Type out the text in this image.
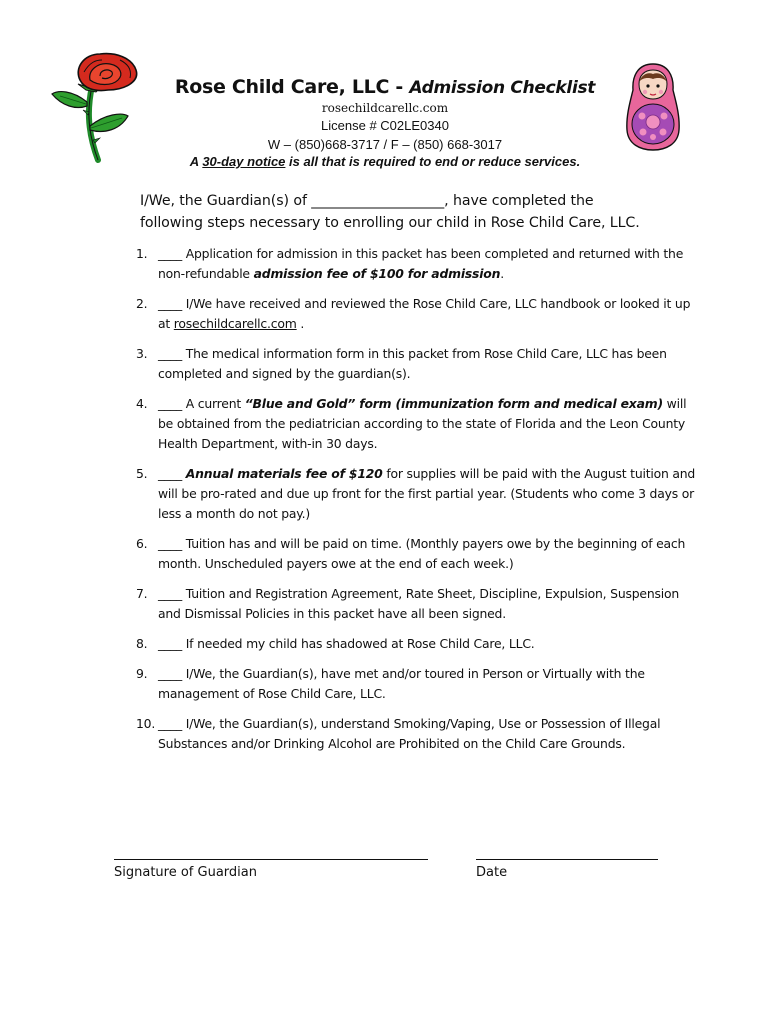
Rose Child Care, LLC - Admission Checklist
rosechildcarellc.com
License # C02LE0340
W – (850)668-3717 / F – (850) 668-3017
A 30-day notice is all that is required to end or reduce services.
I/We, the Guardian(s) of ___________________, have completed the
following steps necessary to enrolling our child in Rose Child Care, LLC.
1. ____ Application for admission in this packet has been completed and returned with the non-refundable admission fee of $100 for admission.
2. ____ I/We have received and reviewed the Rose Child Care, LLC handbook or looked it up at rosechildcarellc.com .
3. ____ The medical information form in this packet from Rose Child Care, LLC has been completed and signed by the guardian(s).
4. ____ A current “Blue and Gold” form (immunization form and medical exam) will be obtained from the pediatrician according to the state of Florida and the Leon County Health Department, with-in 30 days.
5. ____ Annual materials fee of $120 for supplies will be paid with the August tuition and will be pro-rated and due up front for the first partial year. (Students who come 3 days or less a month do not pay.)
6. ____ Tuition has and will be paid on time. (Monthly payers owe by the beginning of each month. Unscheduled payers owe at the end of each week.)
7. ____ Tuition and Registration Agreement, Rate Sheet, Discipline, Expulsion, Suspension and Dismissal Policies in this packet have all been signed.
8. ____ If needed my child has shadowed at Rose Child Care, LLC.
9. ____ I/We, the Guardian(s), have met and/or toured in Person or Virtually with the management of Rose Child Care, LLC.
10. ____ I/We, the Guardian(s), understand Smoking/Vaping, Use or Possession of Illegal Substances and/or Drinking Alcohol are Prohibited on the Child Care Grounds.
Signature of Guardian	Date
